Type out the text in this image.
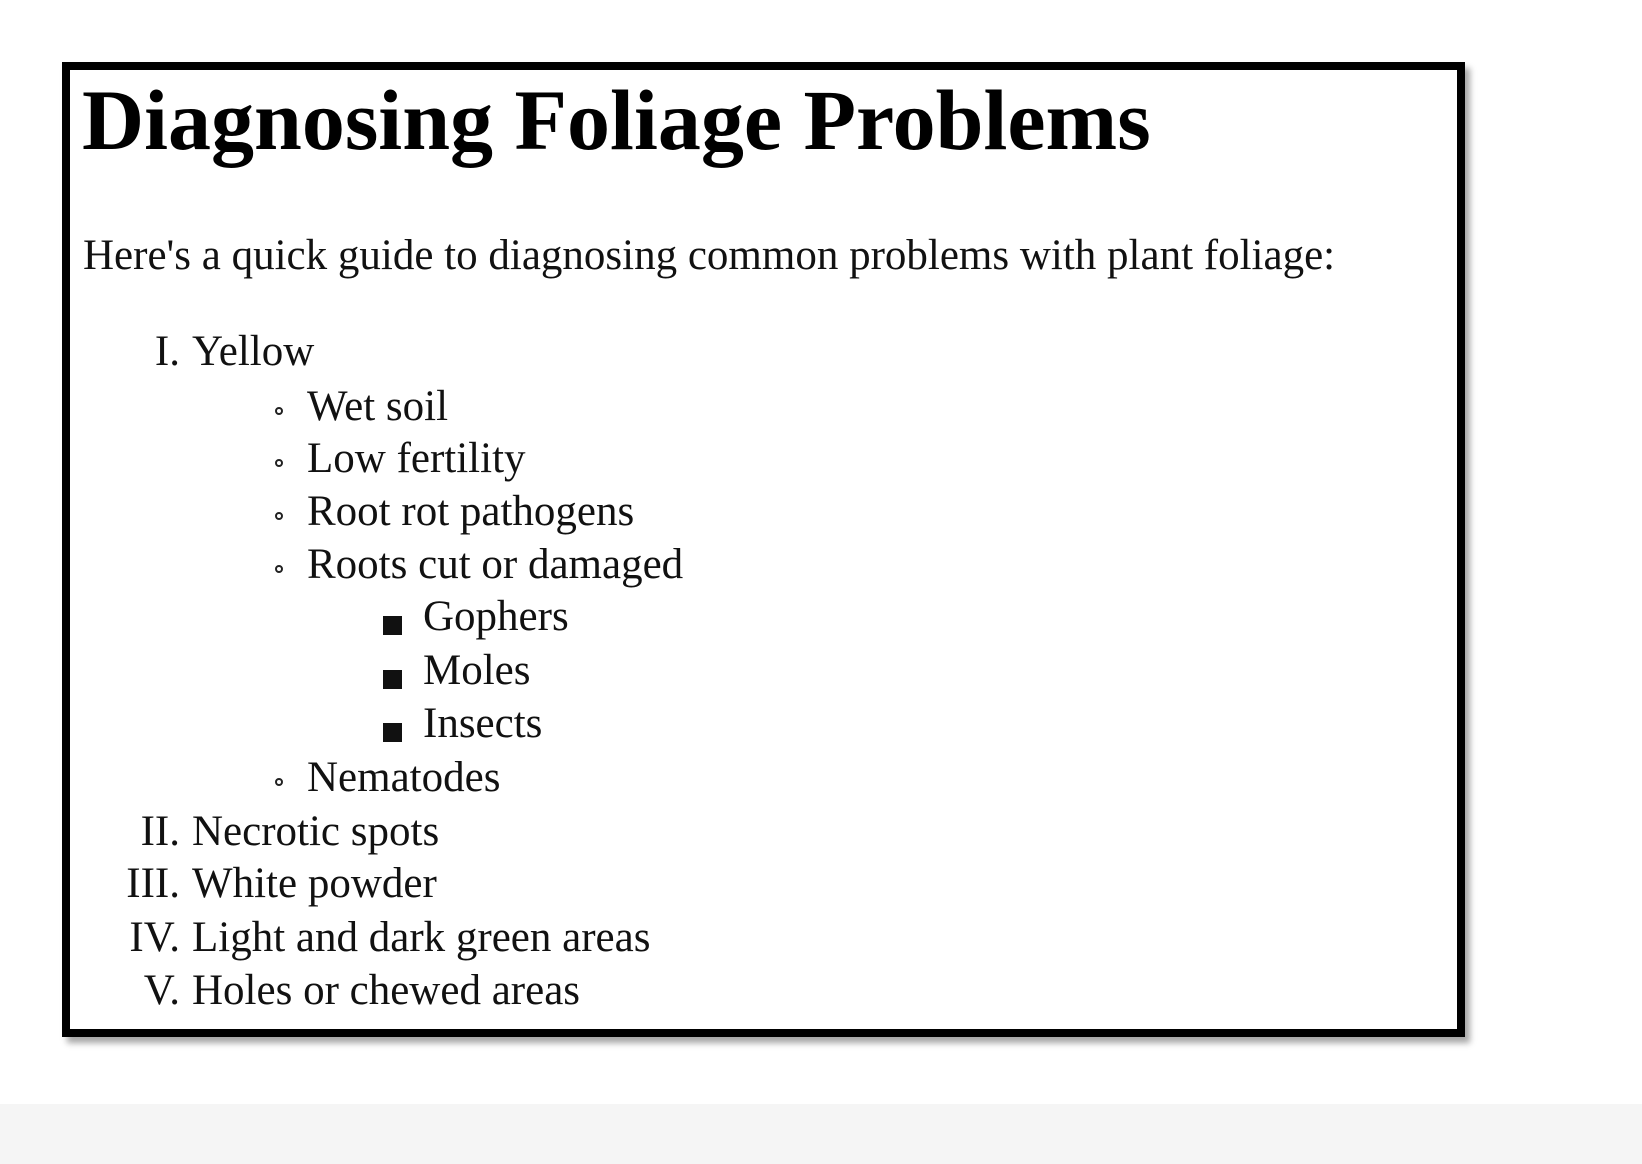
Diagnosing Foliage Problems

Here's a quick guide to diagnosing common problems with plant foliage:

I. Yellow
Wet soil
Low fertility
Root rot pathogens
Roots cut or damaged
Gophers
Moles
Insects
Nematodes
II. Necrotic spots
III. White powder
IV. Light and dark green areas
V. Holes or chewed areas
